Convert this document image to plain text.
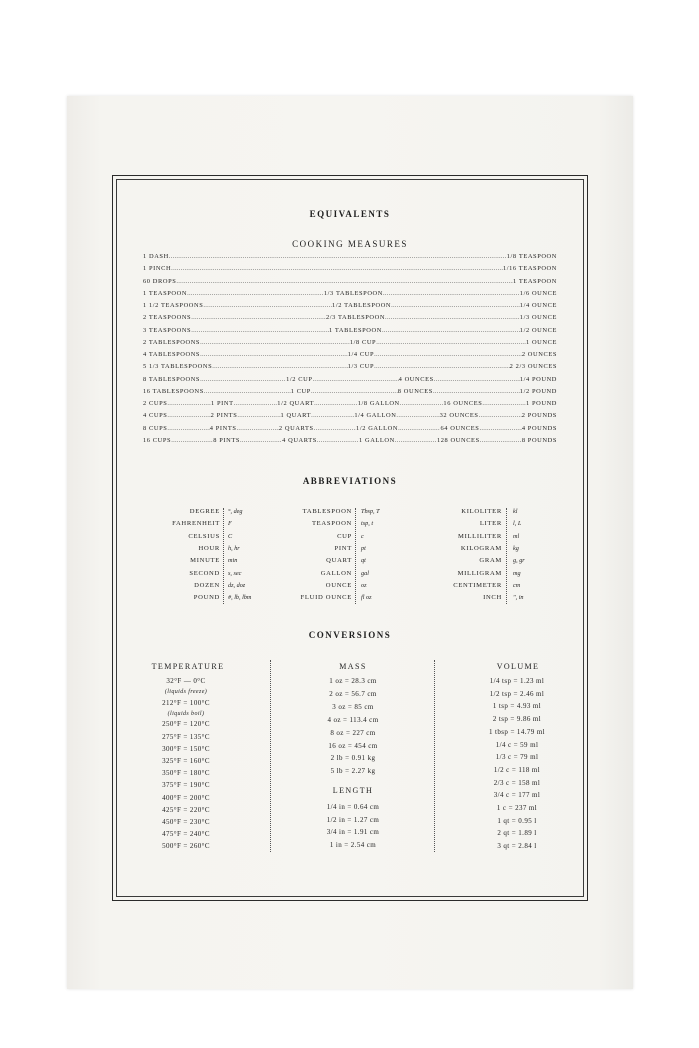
EQUIVALENTS
COOKING MEASURES
ABBREVIATIONS
CONVERSIONS
1 DASH .....	1/8 TEASPOON
1 PINCH .....	1/16 TEASPOON
60 DROPS .....	1 TEASPOON
1 TEASPOON .....	1/3 TABLESPOON .....	1/6 OUNCE
1 1/2 TEASPOONS .....	1/2 TABLESPOON .....	1/4 OUNCE
2 TEASPOONS .....	2/3 TABLESPOON .....	1/3 OUNCE
3 TEASPOONS .....	1 TABLESPOON .....	1/2 OUNCE
2 TABLESPOONS .....	1/8 CUP .....	1 OUNCE
4 TABLESPOONS .....	1/4 CUP .....	2 OUNCES
5 1/3 TABLESPOONS .....	1/3 CUP .....	2 2/3 OUNCES
8 TABLESPOONS .....	1/2 CUP .....	4 OUNCES .....	1/4 POUND
16 TABLESPOONS .....	1 CUP .....	8 OUNCES .....	1/2 POUND
2 CUPS .....	1 PINT .....	1/2 QUART .....	1/8 GALLON .....	16 OUNCES .....	1 POUND
4 CUPS .....	2 PINTS .....	1 QUART .....	1/4 GALLON .....	32 OUNCES .....	2 POUNDS
8 CUPS .....	4 PINTS .....	2 QUARTS .....	1/2 GALLON .....	64 OUNCES .....	4 POUNDS
16 CUPS .....	8 PINTS .....	4 QUARTS .....	1 GALLON .....	128 OUNCES .....	8 POUNDS
DEGREE °, deg
FAHRENHEIT F
CELSIUS C
HOUR h, hr
MINUTE min
SECOND s, sec
DOZEN dz, doz
POUND #, lb, lbm
TABLESPOON Tbsp, T
TEASPOON tsp, t
CUP c
PINT pt
QUART qt
GALLON gal
OUNCE oz
FLUID OUNCE fl oz
KILOLITER kl
LITER l, L
MILLILITER ml
KILOGRAM kg
GRAM g, gr
MILLIGRAM mg
CENTIMETER cm
INCH ", in
TEMPERATURE
32°F — 0°C
(liquids freeze)
212°F = 100°C
(liquids boil)
250°F = 120°C
275°F = 135°C
300°F = 150°C
325°F = 160°C
350°F = 180°C
375°F = 190°C
400°F = 200°C
425°F = 220°C
450°F = 230°C
475°F = 240°C
500°F = 260°C
MASS
1 oz = 28.3 cm
2 oz = 56.7 cm
3 oz = 85 cm
4 oz = 113.4 cm
8 oz = 227 cm
16 oz = 454 cm
2 lb = 0.91 kg
5 lb = 2.27 kg
LENGTH
1/4 in = 0.64 cm
1/2 in = 1.27 cm
3/4 in = 1.91 cm
1 in = 2.54 cm
VOLUME
1/4 tsp = 1.23 ml
1/2 tsp = 2.46 ml
1 tsp = 4.93 ml
2 tsp = 9.86 ml
1 tbsp = 14.79 ml
1/4 c = 59 ml
1/3 c = 79 ml
1/2 c = 118 ml
2/3 c = 158 ml
3/4 c = 177 ml
1 c = 237 ml
1 qt = 0.95 l
2 qt = 1.89 l
3 qt = 2.84 l
